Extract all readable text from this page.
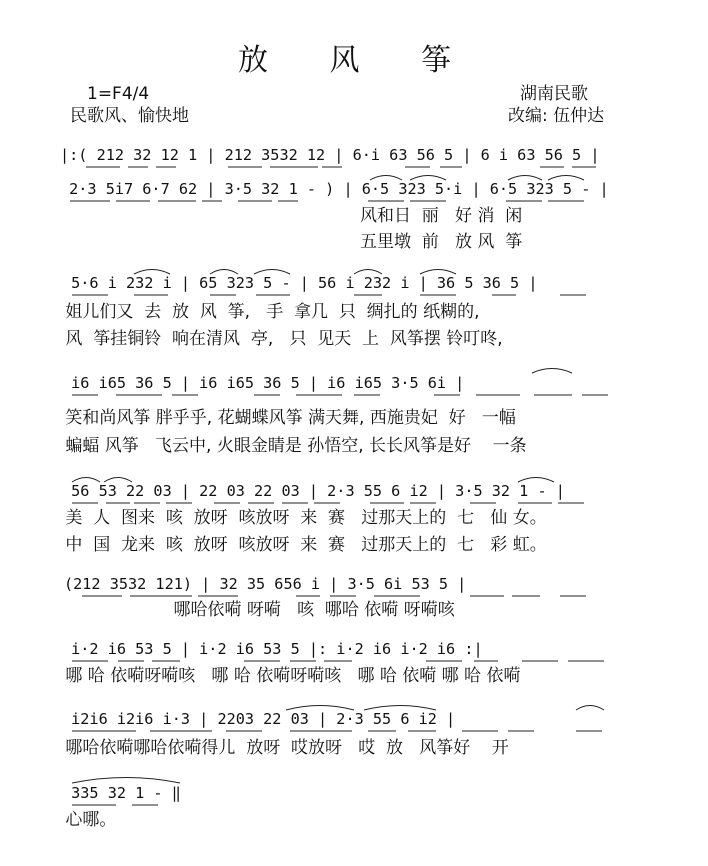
放 风 筝
1=F4/4
民歌风、愉快地
湖南民歌
改编: 伍仲达
|:( 212 32 12 1 | 212 3532 12 | 6·i 63 56 5 | 6 i 63 56 5 |
2·3 5i7 6·7 62 | 3·5 32 1 - ) | 6·5 323 5·i | 6·5 323 5 - |
风和日  丽   好 消  闲
五里墩  前   放 风  筝
5·6 i 232 i | 65 323 5 - | 56 i 232 i | 36 5 36 5 |
姐儿们又  去  放  风  筝,   手  拿几  只  绸扎的 纸糊的,
风  筝挂铜铃  响在清风  亭,   只  见天  上  风筝摆 铃叮咚,
i6 i65 36 5 | i6 i65 36 5 | i6 i65 3·5 6i |
笑和尚风筝 胖乎乎, 花蝴蝶风筝 满天舞, 西施贵妃  好   一幅
蝙蝠 风筝   飞云中, 火眼金睛是 孙悟空, 长长风筝是好    一条
56 53 22 03 | 22 03 22 03 | 2·3 55 6 i2 | 3·5 32 1 - |
美  人  图来  咳  放呀  咳放呀  来  赛   过那天上的  七   仙 女。
中  国  龙来  咳  放呀  咳放呀  来  赛   过那天上的  七   彩 虹。
(212 3532 121) | 32 35 656 i | 3·5 6i 53 5 |
哪哈依嗬 呀嗬   咳  哪哈 依嗬 呀嗬咳
i·2 i6 53 5 | i·2 i6 53 5 |: i·2 i6 i·2 i6 :|
哪 哈 依嗬呀嗬咳   哪 哈 依嗬呀嗬咳   哪 哈 依嗬 哪 哈 依嗬
i2i6 i2i6 i·3 | 2203 22 03 | 2·3 55 6 i2 |
哪哈依嗬哪哈依嗬得儿  放呀  哎放呀   哎  放   风筝好    开
335 32 1 - ‖
心哪。
